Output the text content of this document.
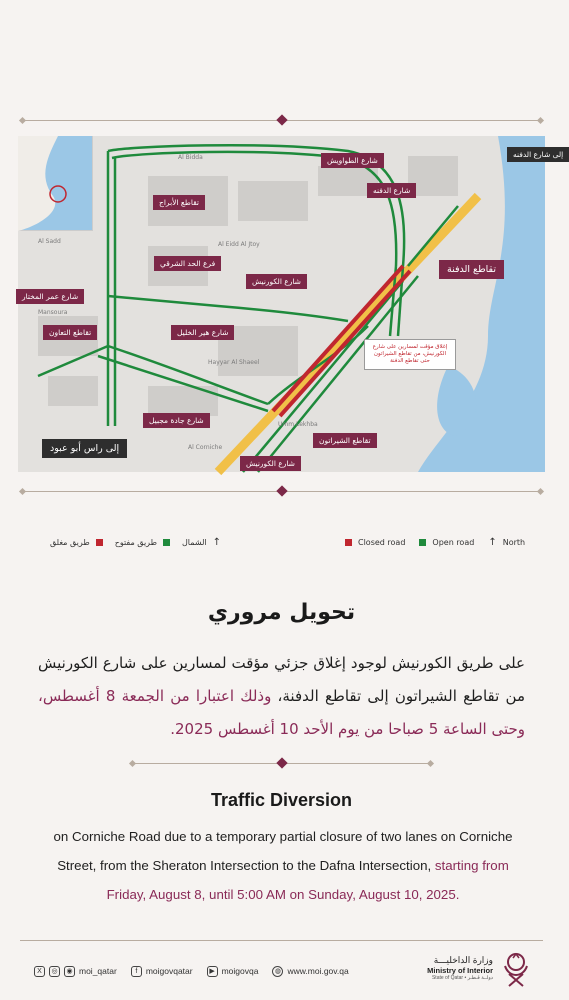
Al Bidda
Al Sadd	Al Eidd Al Jtoy
Mansoura
Hayyar Al Shaeel
Al Corniche
Umm Lekhba
شارع الطواويش
شارع الدفنه
إلى شارع الدفنه
تقاطع الأبراج
تقاطع الدفنة
فرع الحد الشرقي
شارع الكورنيش
شارع عمر المختار
تقاطع التعاون	شارع هير الخليل
شارع جادة مجبيل
تقاطع الشيراتون
شارع الكورنيش
إلى راس أبو عبود
إغلاق مؤقت لمسارين على شارع الكورنيش، من تقاطع الشيراتون حتى تقاطع الدفنة
طريق مغلق	طريق مفتوح	الشمال ↑	Closed road	Open road ↑ North
تحويل مروري
على طريق الكورنيش لوجود إغلاق جزئي مؤقت لمسارين على شارع الكورنيش من تقاطع الشيراتون إلى تقاطع الدفنة، وذلك اعتبارا من الجمعة 8 أغسطس، وحتى الساعة 5 صباحا من يوم الأحد 10 أغسطس 2025.
Traffic Diversion
on Corniche Road due to a temporary partial closure of two lanes on Corniche Street, from the Sheraton Intersection to the Dafna Intersection, starting from Friday, August 8, until 5:00 AM on Sunday, August 10, 2025.
X	◎	◉ moi_qatar	f	moigovqatar	▶ moigovqa	◍ www.moi.gov.qa
وزارة الداخليـــة
Ministry of Interior
State of Qatar • دولــة قـطـر
